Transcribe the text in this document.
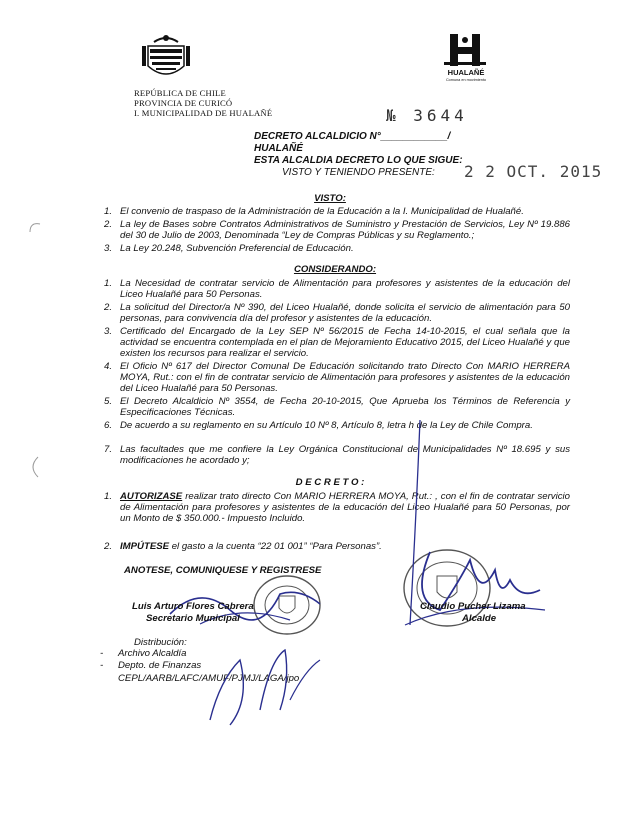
HUALAÑÉ
Comuna en movimiento
REPÚBLICA DE CHILE
PROVINCIA DE CURICÓ
I. MUNICIPALIDAD DE HUALAÑÉ	№ 3644
DECRETO ALCALDICIO N°____________/
HUALAÑÉ
ESTA ALCALDIA DECRETO LO QUE SIGUE:
VISTO Y TENIENDO PRESENTE: 2 2 OCT. 2015
VISTO:
1. El convenio de traspaso de la Administración de la Educación a la I. Municipalidad de Hualañé.
2. La ley de Bases sobre Contratos Administrativos de Suministro y Prestación de Servicios, Ley Nº 19.886 del 30 de Julio de 2003, Denominada “Ley de Compras Públicas y su Reglamento.;
3. La Ley 20.248, Subvención Preferencial de Educación.
CONSIDERANDO:
1. La Necesidad de contratar servicio de Alimentación para profesores y asistentes de la educación del Liceo Hualañé para 50 Personas.
2. La solicitud del Director/a Nº 390, del Liceo Hualañé, donde solicita el servicio de alimentación para 50 personas, para convivencia día del profesor y asistentes de la educación.
3. Certificado del Encargado de la Ley SEP Nº 56/2015 de Fecha 14-10-2015, el cual señala que la actividad se encuentra contemplada en el plan de Mejoramiento Educativo 2015, del Liceo Hualañé y que existen los recursos para realizar el servicio.
4. El Oficio Nº 617 del Director Comunal De Educación solicitando trato Directo Con MARIO HERRERA MOYA, Rut.: con el fin de contratar servicio de Alimentación para profesores y asistentes de la educación del Liceo Hualañé para 50 Personas.
5. El Decreto Alcaldicio Nº 3554, de Fecha 20-10-2015, Que Aprueba los Términos de Referencia y Especificaciones Técnicas.
6. De acuerdo a su reglamento en su Artículo 10 Nº 8, Artículo 8, letra h de la Ley de Chile Compra.
7. Las facultades que me confiere la Ley Orgánica Constitucional de Municipalidades Nº 18.695 y sus modificaciones he acordado y;
D E C R E T O :
1. AUTORIZASE realizar trato directo Con MARIO HERRERA MOYA, Rut.: , con el fin de contratar servicio de Alimentación para profesores y asistentes de la educación del Liceo Hualañé para 50 Personas, por un Monto de $ 350.000.- Impuesto Incluido.
2. IMPÚTESE el gasto a la cuenta “22 01 001” “Para Personas”.
ANOTESE, COMUNIQUESE Y REGISTRESE
Luis Arturo Flores Cabrera
Secretario Municipal
Claudio Pucher Lizama
Alcalde
Distribución:
- Archivo Alcaldía
- Depto. de Finanzas
CEPL/AARB/LAFC/AMUF/PJMJ/LAGA/jpo
